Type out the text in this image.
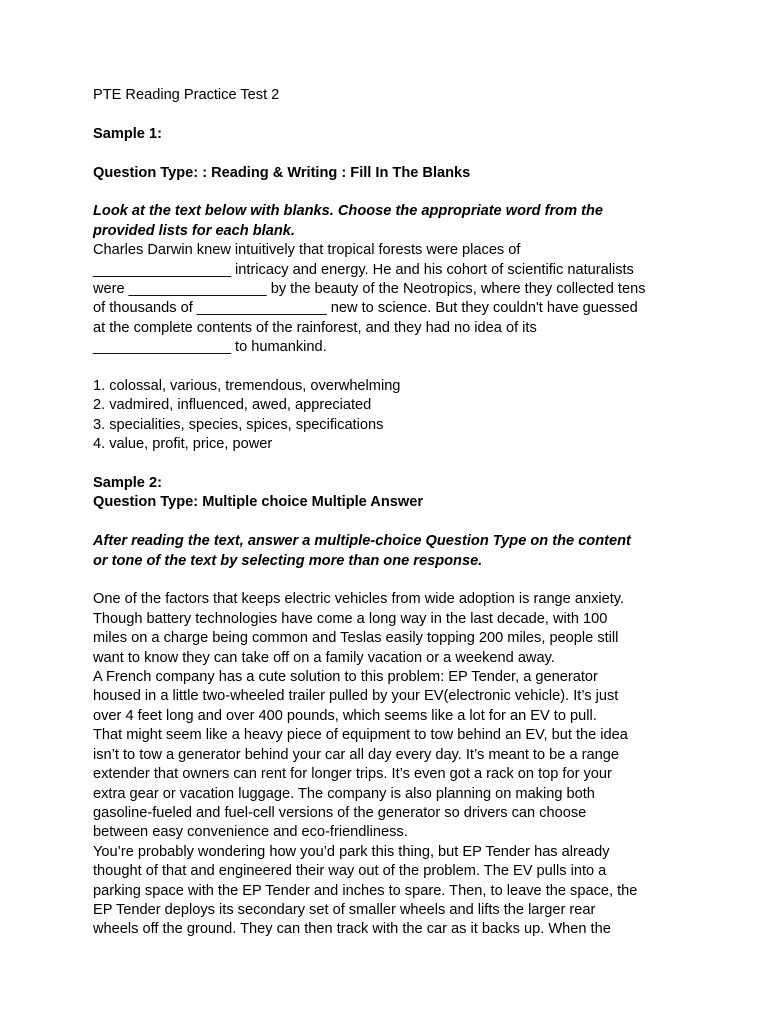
PTE Reading Practice Test 2

Sample 1:

Question Type: : Reading & Writing : Fill In The Blanks

Look at the text below with blanks. Choose the appropriate word from the

provided lists for each blank.

Charles Darwin knew intuitively that tropical forests were places of

_________________ intricacy and energy. He and his cohort of scientific naturalists

were _________________ by the beauty of the Neotropics, where they collected tens

of thousands of ________________ new to science. But they couldn't have guessed

at the complete contents of the rainforest, and they had no idea of its

_________________ to humankind.

1. colossal, various, tremendous, overwhelming

2. vadmired, influenced, awed, appreciated

3. specialities, species, spices, specifications

4. value, profit, price, power

Sample 2:

Question Type: Multiple choice Multiple Answer

After reading the text, answer a multiple-choice Question Type on the content

or tone of the text by selecting more than one response.

One of the factors that keeps electric vehicles from wide adoption is range anxiety.

Though battery technologies have come a long way in the last decade, with 100

miles on a charge being common and Teslas easily topping 200 miles, people still

want to know they can take off on a family vacation or a weekend away.

A French company has a cute solution to this problem: EP Tender, a generator

housed in a little two-wheeled trailer pulled by your EV(electronic vehicle). It’s just

over 4 feet long and over 400 pounds, which seems like a lot for an EV to pull.

That might seem like a heavy piece of equipment to tow behind an EV, but the idea

isn’t to tow a generator behind your car all day every day. It’s meant to be a range

extender that owners can rent for longer trips. It’s even got a rack on top for your

extra gear or vacation luggage. The company is also planning on making both

gasoline-fueled and fuel-cell versions of the generator so drivers can choose

between easy convenience and eco-friendliness.

You’re probably wondering how you’d park this thing, but EP Tender has already

thought of that and engineered their way out of the problem. The EV pulls into a

parking space with the EP Tender and inches to spare. Then, to leave the space, the

EP Tender deploys its secondary set of smaller wheels and lifts the larger rear

wheels off the ground. They can then track with the car as it backs up. When the
